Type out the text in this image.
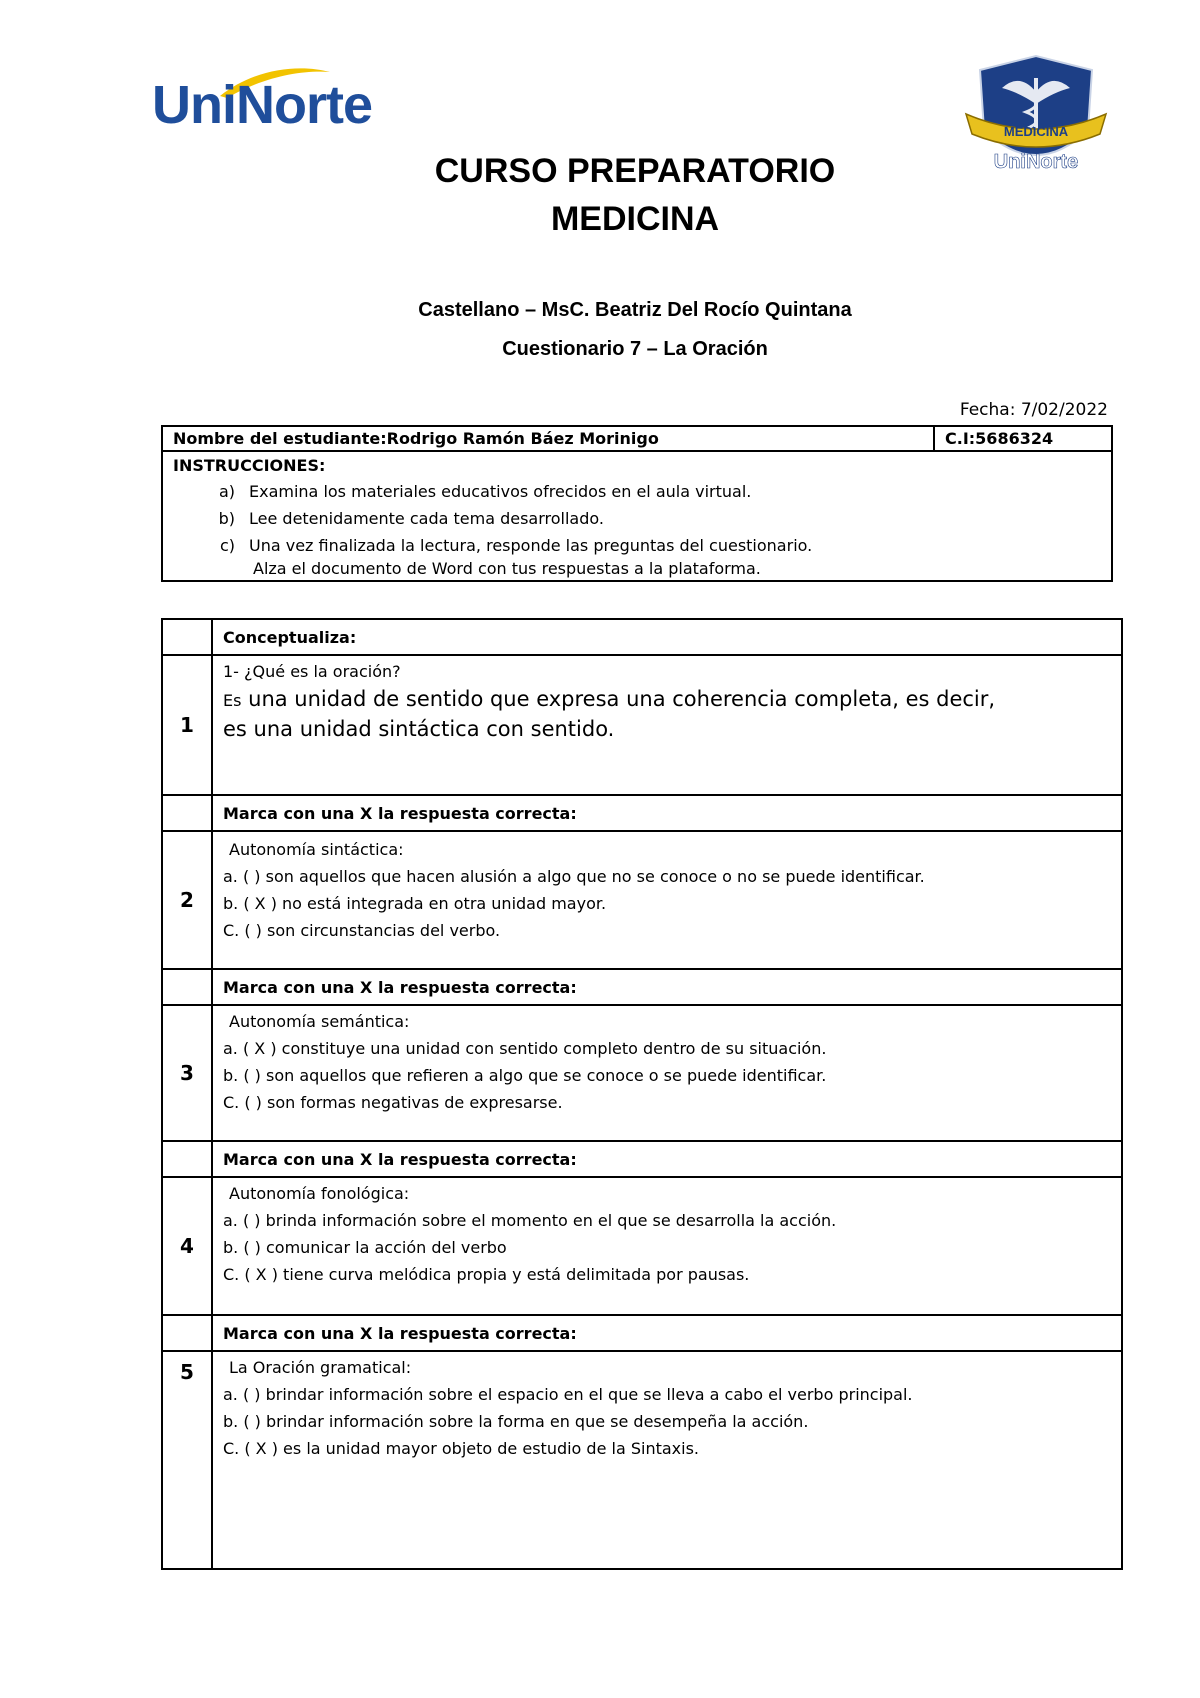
UniNorte	MEDICINA
UniNorte
CURSO PREPARATORIO
MEDICINA
Castellano – MsC. Beatriz Del Rocío Quintana
Cuestionario 7 – La Oración
Fecha: 7/02/2022
Nombre del estudiante:Rodrigo Ramón Báez Morinigo	C.I:5686324

INSTRUCCIONES:
a) Examina los materiales educativos ofrecidos en el aula virtual.
b) Lee detenidamente cada tema desarrollado.
c) Una vez finalizada la lectura, responde las preguntas del cuestionario.
Alza el documento de Word con tus respuestas a la plataforma.
	Conceptualiza:
1	1- ¿Qué es la oración?
Es una unidad de sentido que expresa una coherencia completa, es decir,
es una unidad sintáctica con sentido.

	Marca con una X la respuesta correcta:
2	Autonomía sintáctica:
a. ( ) son aquellos que hacen alusión a algo que no se conoce o no se puede identificar.
b. ( X ) no está integrada en otra unidad mayor.
C. ( ) son circunstancias del verbo.

	Marca con una X la respuesta correcta:
3	Autonomía semántica:
a. ( X ) constituye una unidad con sentido completo dentro de su situación.
b. ( ) son aquellos que refieren a algo que se conoce o se puede identificar.
C. ( ) son formas negativas de expresarse.

	Marca con una X la respuesta correcta:
4	Autonomía fonológica:
a. ( ) brinda información sobre el momento en el que se desarrolla la acción.
b. ( ) comunicar la acción del verbo
C. ( X ) tiene curva melódica propia y está delimitada por pausas.

	Marca con una X la respuesta correcta:
5	La Oración gramatical:
a. ( ) brindar información sobre el espacio en el que se lleva a cabo el verbo principal.
b. ( ) brindar información sobre la forma en que se desempeña la acción.
C. ( X ) es la unidad mayor objeto de estudio de la Sintaxis.
